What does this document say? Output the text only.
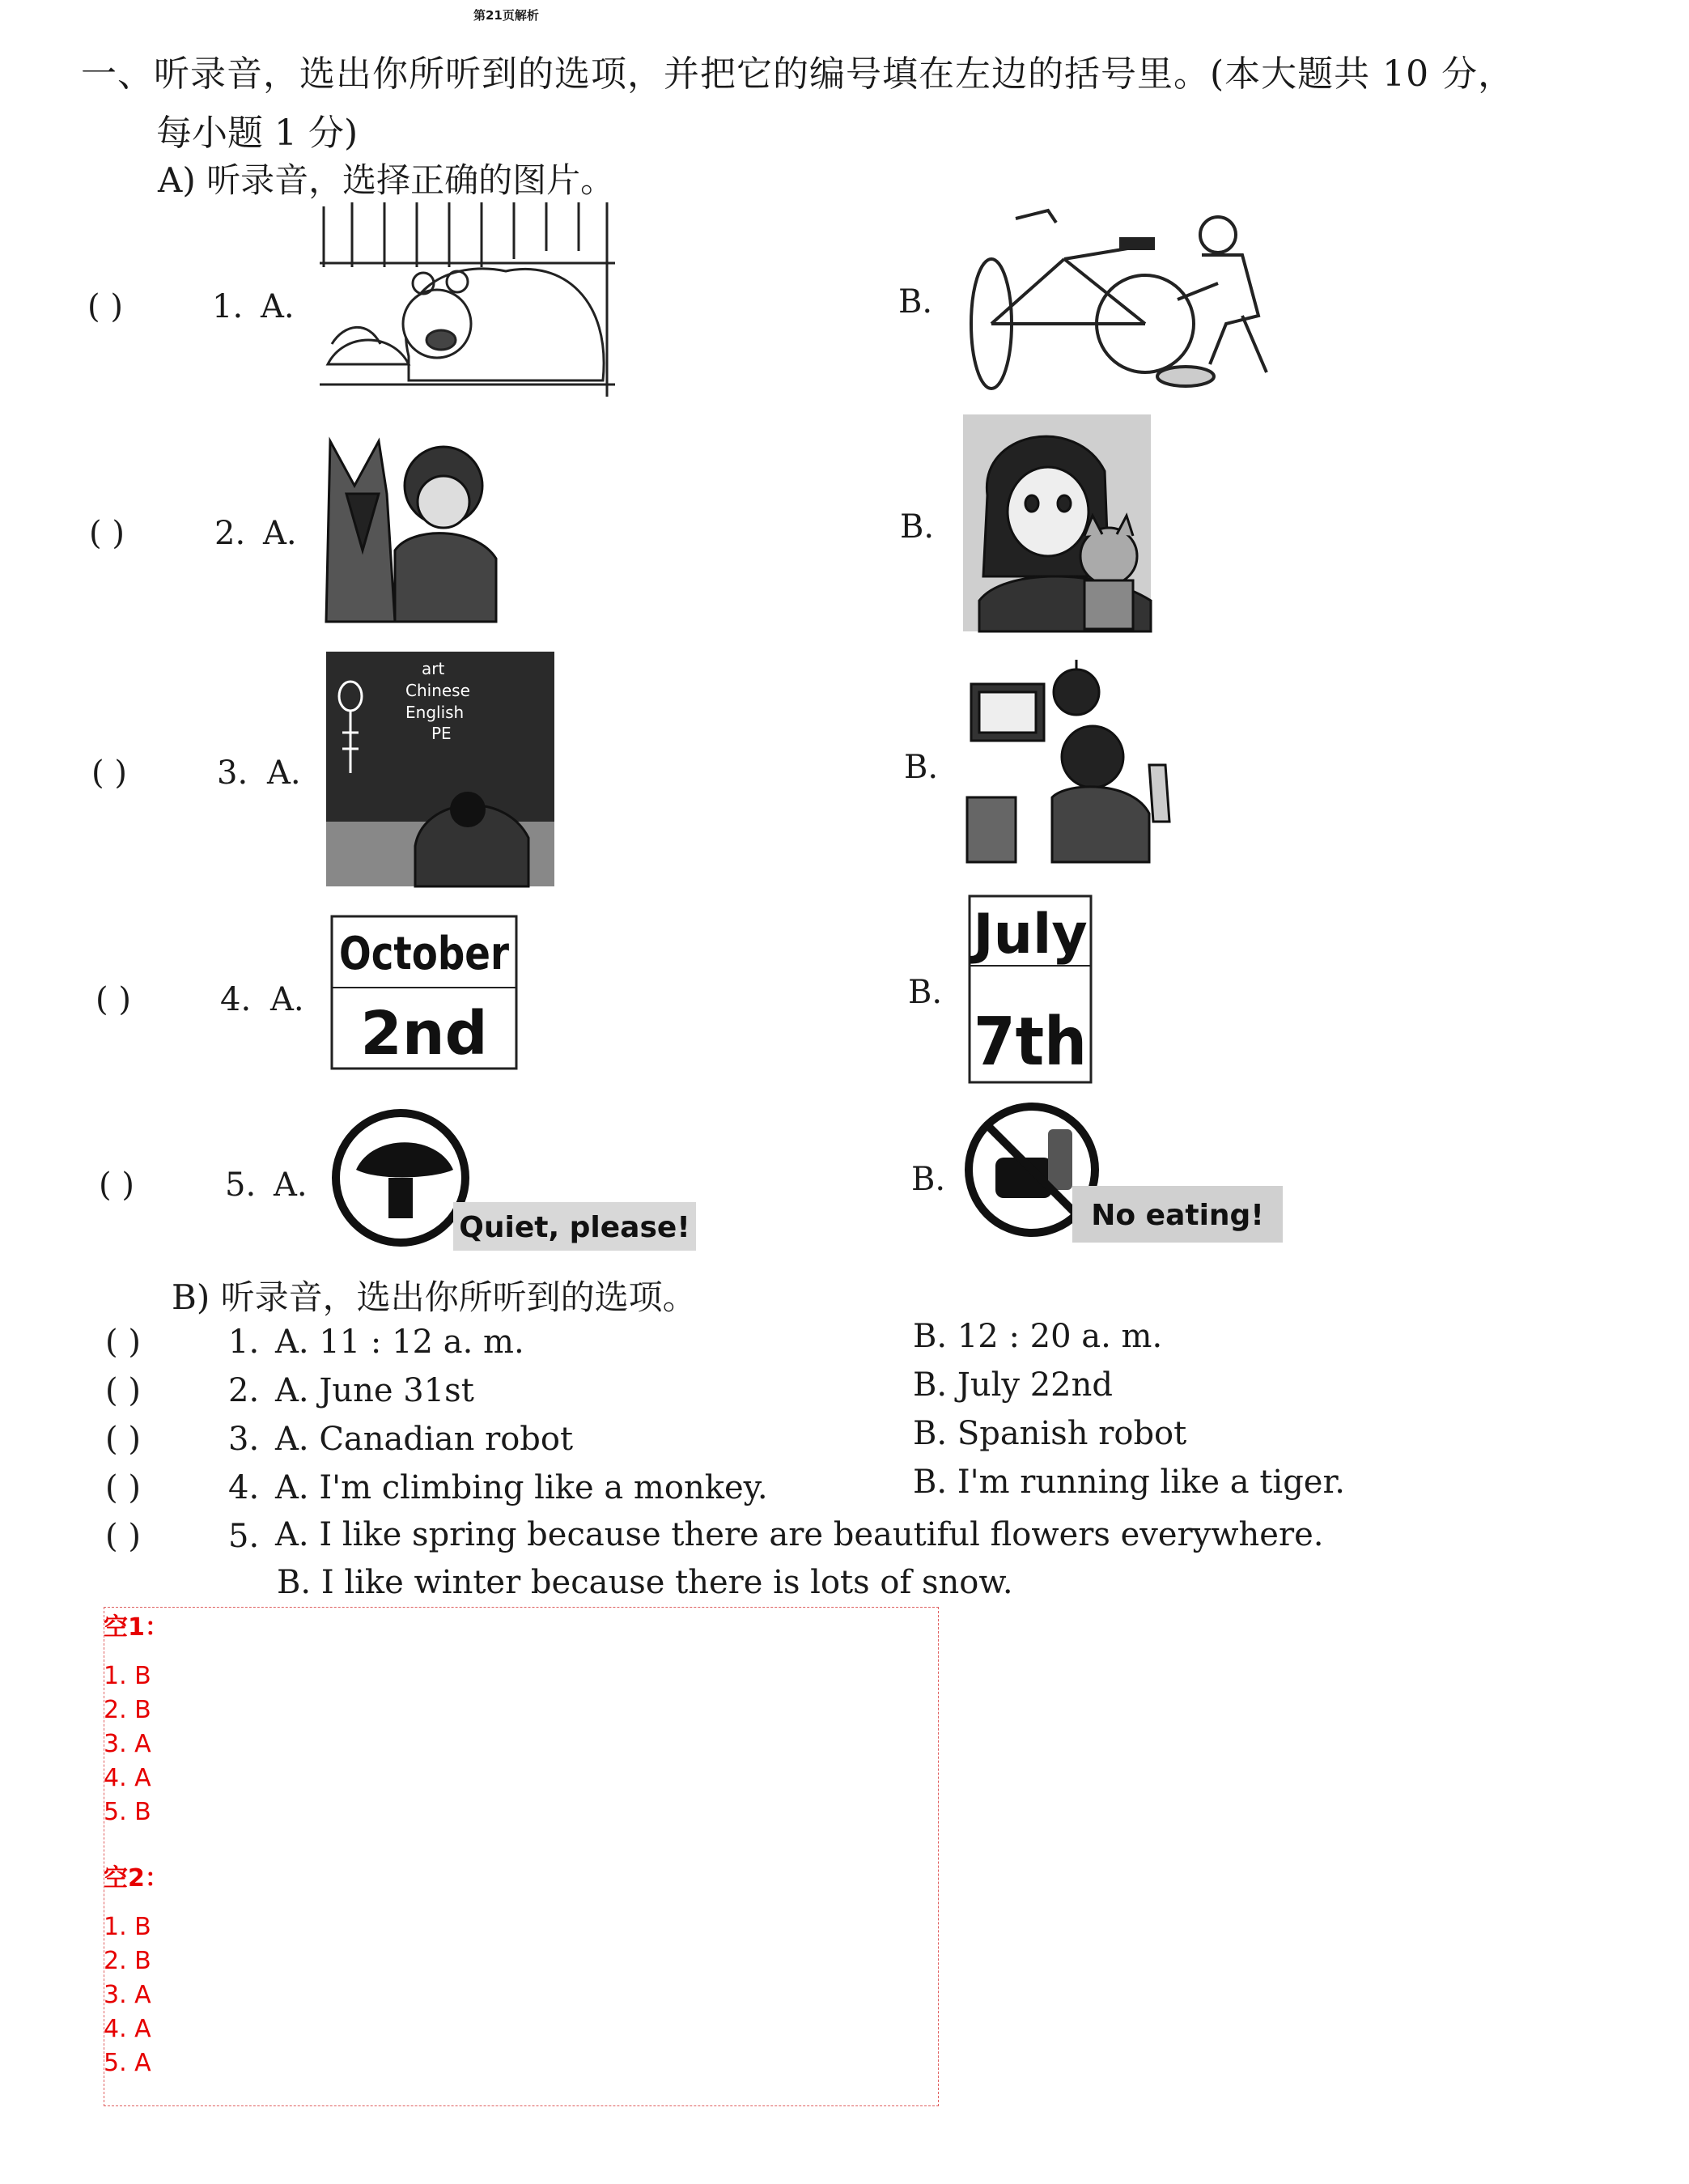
第21页解析
一、听录音，选出你所听到的选项，并把它的编号填在左边的括号里。(本大题共 10 分，
每小题 1 分)
A) 听录音，选择正确的图片。
( )	1. A.	B.
( )	2. A.	B.
( )	3. A.	B.
art
Chinese
English
PE
( )	4. A.	B.
October
2nd
July
7th
( )	5. A.	B.
Quiet, please!	No eating!
B) 听录音，选出你所听到的选项。
( )	1. A. 11 : 12 a. m.	B. 12 : 20 a. m.
( )	2. A. June 31st	B. July 22nd
( )	3. A. Canadian robot	B. Spanish robot
( )	4. A. I'm climbing like a monkey.	B. I'm running like a tiger.
( )	5. A. I like spring because there are beautiful flowers everywhere.
B. I like winter because there is lots of snow.
空1：
1. B
2. B
3. A
4. A
5. B
空2：
1. B
2. B
3. A
4. A
5. A
